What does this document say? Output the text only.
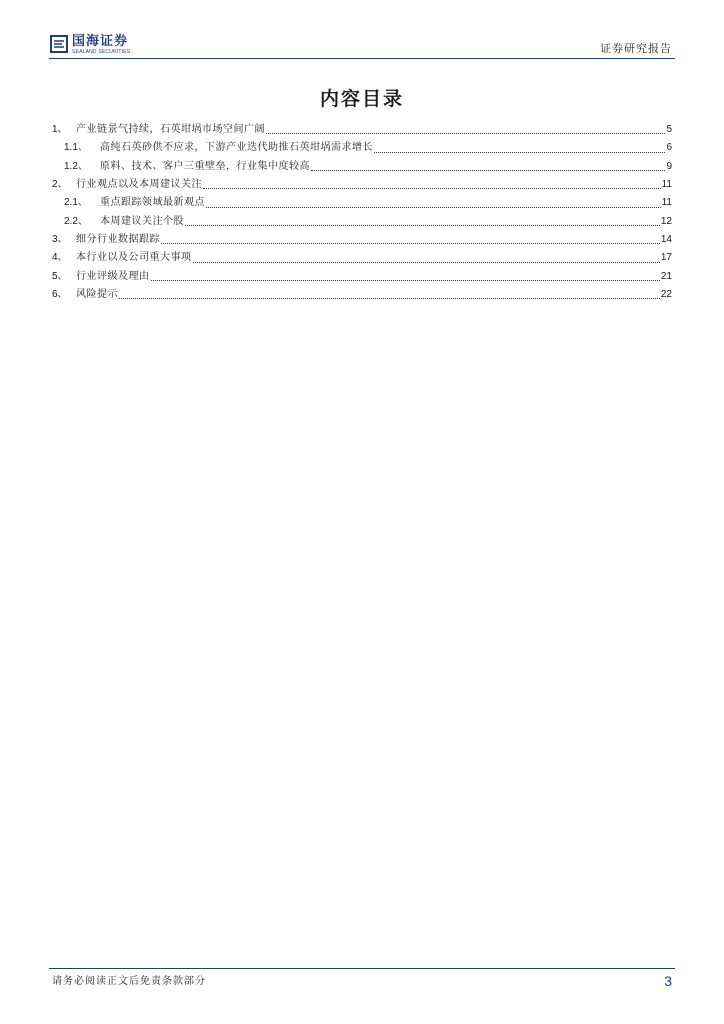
国海证券
SEALAND SECURITIES	证券研究报告
内容目录
1、 产业链景气持续，石英坩埚市场空间广阔	5
1.1、	高纯石英砂供不应求，下游产业迭代助推石英坩埚需求增长	6
1.2、	原料、技术、客户三重壁垒，行业集中度较高	9
2、 行业观点以及本周建议关注	11
2.1、	重点跟踪领域最新观点	11
2.2、	本周建议关注个股	12
3、 细分行业数据跟踪	14
4、 本行业以及公司重大事项	17
5、 行业评级及理由	21
6、 风险提示	22
请务必阅读正文后免责条款部分	3
